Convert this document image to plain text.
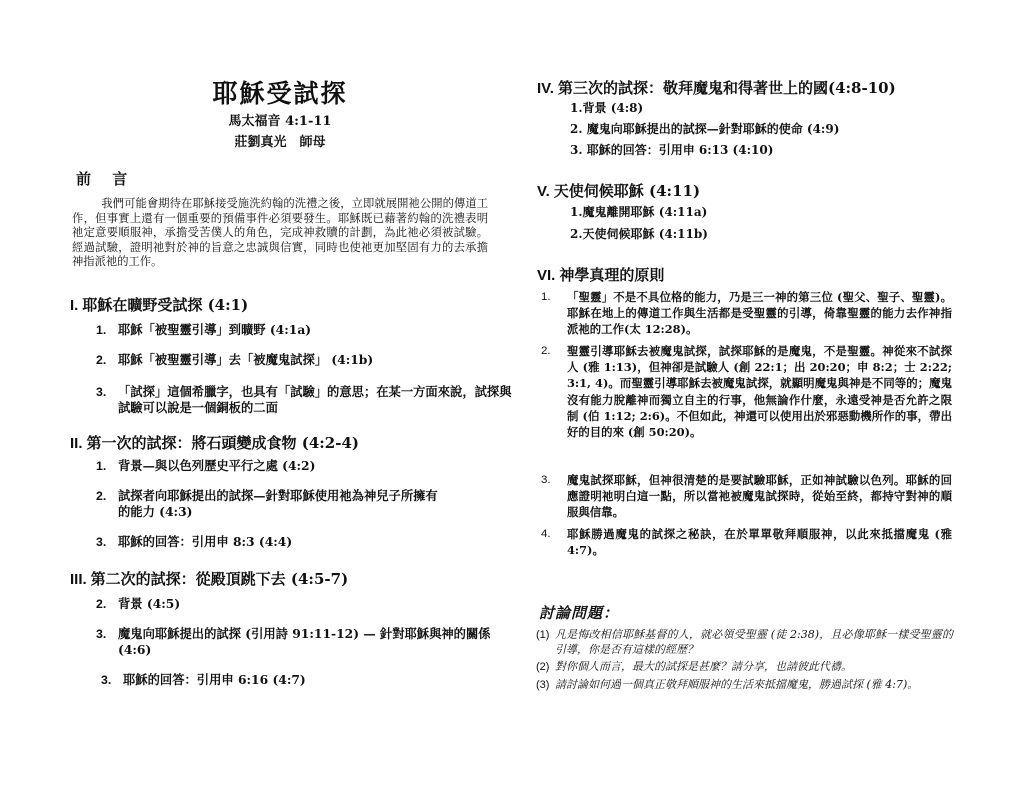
耶穌受試探
馬太福音 4:1-11
莊劉真光　師母
前 言
我們可能會期待在耶穌接受施洗約翰的洗禮之後，立即就展開祂公開的傳道工作，但事實上還有一個重要的預備事件必須要發生。耶穌既已藉著約翰的洗禮表明祂定意要順服神，承擔受苦僕人的角色，完成神救贖的計劃，為此祂必須被試驗。經過試驗，證明祂對於神的旨意之忠誠與信實，同時也使祂更加堅固有力的去承擔神指派祂的工作。
I. 耶穌在曠野受試探 (4:1)
1. 耶穌「被聖靈引導」到曠野 (4:1a)
2. 耶穌「被聖靈引導」去「被魔鬼試探」 (4:1b)
3. 「試探」這個希臘字，也具有「試驗」的意思；在某一方面來說，試探與試驗可以說是一個銅板的二面
II. 第一次的試探：將石頭變成食物 (4:2-4)
1. 背景—與以色列歷史平行之處 (4:2)
2. 試探者向耶穌提出的試探—針對耶穌使用祂為神兒子所擁有的能力 (4:3)
3. 耶穌的回答：引用申 8:3 (4:4)
III. 第二次的試探：從殿頂跳下去 (4:5-7)
2. 背景 (4:5)
3. 魔鬼向耶穌提出的試探 (引用詩 91:11-12) — 針對耶穌與神的關係 (4:6)
3. 耶穌的回答：引用申 6:16 (4:7)
IV. 第三次的試探：敬拜魔鬼和得著世上的國(4:8-10)
1.背景 (4:8)
2. 魔鬼向耶穌提出的試探—針對耶穌的使命 (4:9)
3. 耶穌的回答：引用申 6:13 (4:10)
V. 天使伺候耶穌 (4:11)
1.魔鬼離開耶穌 (4:11a)
2.天使伺候耶穌 (4:11b)
VI. 神學真理的原則
1. 「聖靈」不是不具位格的能力，乃是三一神的第三位 (聖父、聖子、聖靈)。耶穌在地上的傳道工作與生活都是受聖靈的引導，倚靠聖靈的能力去作神指派祂的工作(太 12:28)。
2. 聖靈引導耶穌去被魔鬼試探，試探耶穌的是魔鬼，不是聖靈。神從來不試探人 (雅 1:13)，但神卻是試驗人 (創 22:1；出 20:20；申 8:2；士 2:22; 3:1, 4)。而聖靈引導耶穌去被魔鬼試探，就顯明魔鬼與神是不同等的；魔鬼沒有能力脫離神而獨立自主的行事，他無論作什麼，永遠受神是否允許之限制 (伯 1:12; 2:6)。不但如此，神還可以使用出於邪惡動機所作的事，帶出好的目的來 (創 50:20)。
3. 魔鬼試探耶穌，但神很清楚的是要試驗耶穌，正如神試驗以色列。耶穌的回應證明祂明白這一點，所以當祂被魔鬼試探時，從始至終，都持守對神的順服與信靠。
4. 耶穌勝過魔鬼的試探之秘訣，在於單單敬拜順服神，以此來抵擋魔鬼 (雅 4:7)。
討論問題：
(1) 凡是悔改相信耶穌基督的人，就必領受聖靈 (徒 2:38)，且必像耶穌一樣受聖靈的引導，你是否有這樣的經歷？
(2) 對你個人而言，最大的試探是甚麼？請分享，也請彼此代禱。
(3) 請討論如何過一個真正敬拜順服神的生活來抵擋魔鬼，勝過試探 (雅 4:7)。
